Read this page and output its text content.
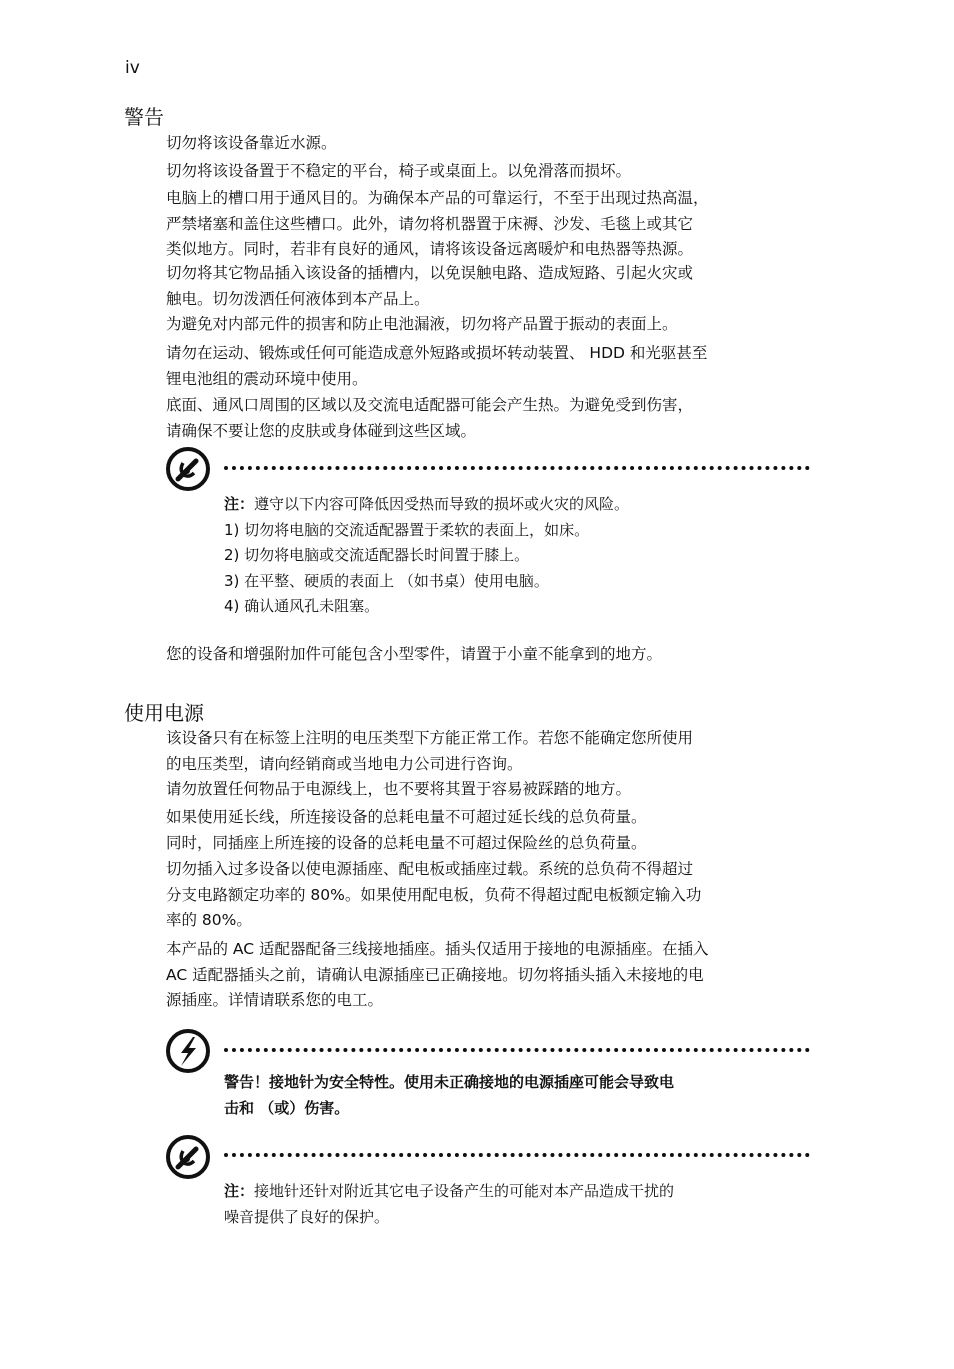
iv
警告
切勿将该设备靠近水源。
切勿将该设备置于不稳定的平台，椅子或桌面上。以免滑落而损坏。
电脑上的槽口用于通风目的。为确保本产品的可靠运行，不至于出现过热高温，
严禁堵塞和盖住这些槽口。此外，请勿将机器置于床褥、沙发、毛毯上或其它
类似地方。同时，若非有良好的通风，请将该设备远离暖炉和电热器等热源。
切勿将其它物品插入该设备的插槽内，以免误触电路、造成短路、引起火灾或
触电。切勿泼洒任何液体到本产品上。
为避免对内部元件的损害和防止电池漏液，切勿将产品置于振动的表面上。
请勿在运动、锻炼或任何可能造成意外短路或损坏转动装置、 HDD 和光驱甚至
锂电池组的震动环境中使用。
底面、通风口周围的区域以及交流电适配器可能会产生热。为避免受到伤害，
请确保不要让您的皮肤或身体碰到这些区域。
注：遵守以下内容可降低因受热而导致的损坏或火灾的风险。
1) 切勿将电脑的交流适配器置于柔软的表面上，如床。
2) 切勿将电脑或交流适配器长时间置于膝上。
3) 在平整、硬质的表面上 （如书桌）使用电脑。
4) 确认通风孔未阻塞。
您的设备和增强附加件可能包含小型零件，请置于小童不能拿到的地方。
使用电源
该设备只有在标签上注明的电压类型下方能正常工作。若您不能确定您所使用
的电压类型，请向经销商或当地电力公司进行咨询。
请勿放置任何物品于电源线上，也不要将其置于容易被踩踏的地方。
如果使用延长线，所连接设备的总耗电量不可超过延长线的总负荷量。
同时，同插座上所连接的设备的总耗电量不可超过保险丝的总负荷量。
切勿插入过多设备以使电源插座、配电板或插座过载。系统的总负荷不得超过
分支电路额定功率的 80%。如果使用配电板，负荷不得超过配电板额定输入功
率的 80%。
本产品的 AC 适配器配备三线接地插座。插头仅适用于接地的电源插座。在插入
AC 适配器插头之前，请确认电源插座已正确接地。切勿将插头插入未接地的电
源插座。详情请联系您的电工。
警告！接地针为安全特性。使用未正确接地的电源插座可能会导致电
击和 （或）伤害。
注：接地针还针对附近其它电子设备产生的可能对本产品造成干扰的
噪音提供了良好的保护。
